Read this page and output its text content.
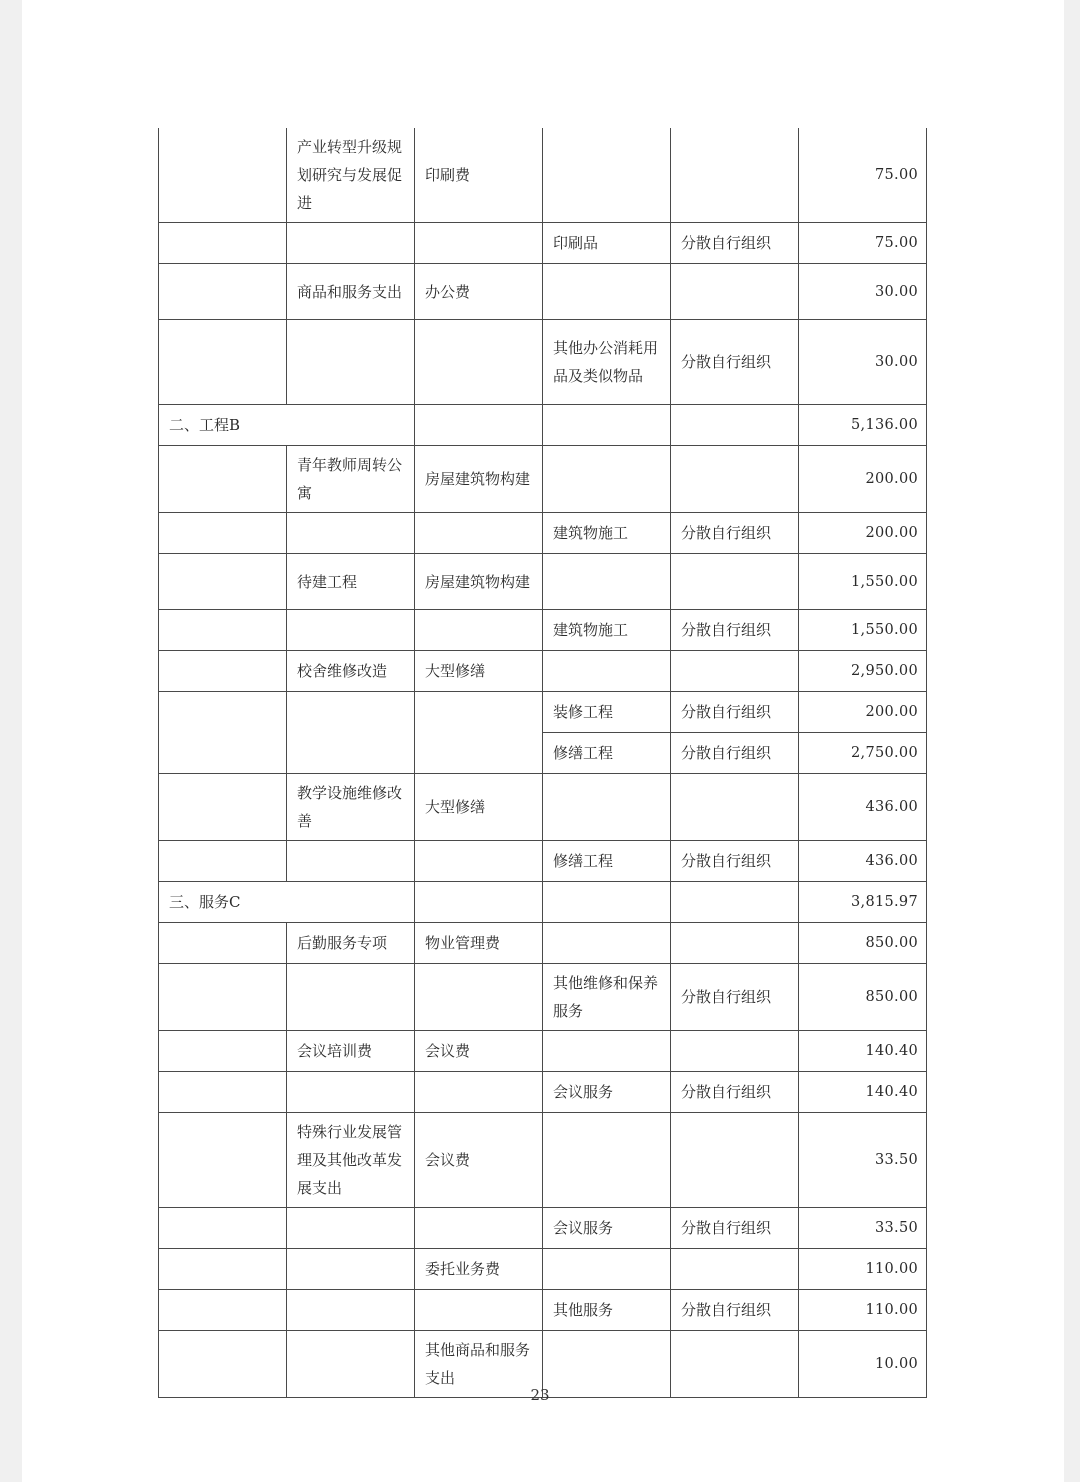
	产业转型升级规划研究与发展促进	印刷费			75.00
			印刷品	分散自行组织	75.00
	商品和服务支出	办公费			30.00
			其他办公消耗用品及类似物品	分散自行组织	30.00
二、工程B					5,136.00
	青年教师周转公寓	房屋建筑物构建			200.00
			建筑物施工	分散自行组织	200.00
	待建工程	房屋建筑物构建			1,550.00
			建筑物施工	分散自行组织	1,550.00
	校舍维修改造	大型修缮			2,950.00
			装修工程	分散自行组织	200.00
			修缮工程	分散自行组织	2,750.00
	教学设施维修改善	大型修缮			436.00
			修缮工程	分散自行组织	436.00
三、服务C					3,815.97
	后勤服务专项	物业管理费			850.00
			其他维修和保养服务	分散自行组织	850.00
	会议培训费	会议费			140.40
			会议服务	分散自行组织	140.40
	特殊行业发展管理及其他改革发展支出	会议费			33.50
			会议服务	分散自行组织	33.50
		委托业务费			110.00
			其他服务	分散自行组织	110.00
		其他商品和服务支出			10.00
23
